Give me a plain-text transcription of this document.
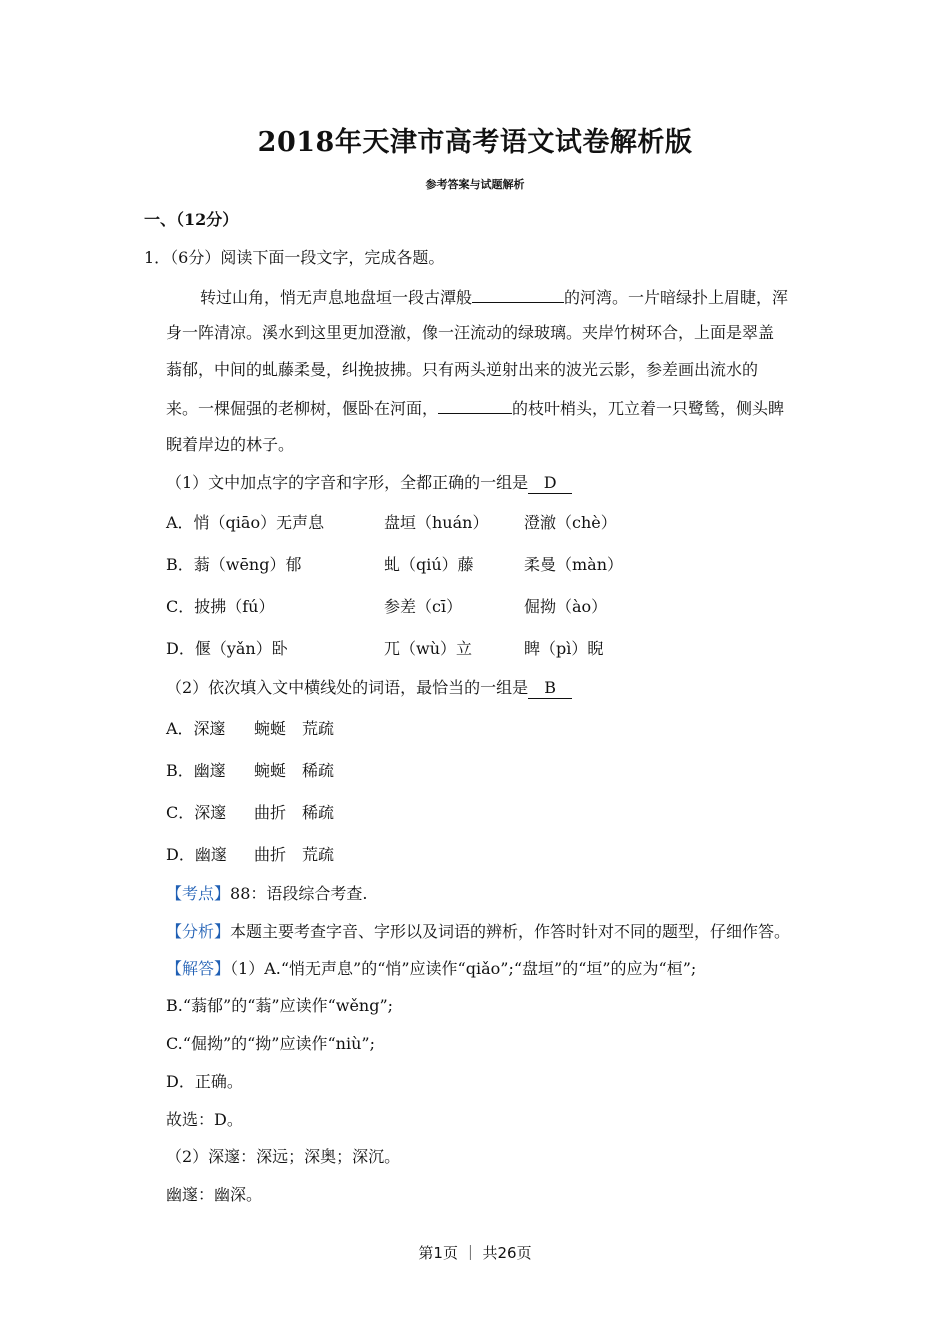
2018年天津市高考语文试卷解析版
参考答案与试题解析
一、（12分）
1．（6分）阅读下面一段文字，完成各题。
转过山角，悄无声息地盘垣一段古潭般	的河湾。一片暗绿扑上眉睫，浑
身一阵清凉。溪水到这里更加澄澈，像一汪流动的绿玻璃。夹岸竹树环合，上面是翠盖
蓊郁，中间的虬藤柔曼，纠挽披拂。只有两头逆射出来的波光云影，参差画出流水的
来。一棵倔强的老柳树，偃卧在河面，	的枝叶梢头，兀立着一只鹭鸶，侧头睥
睨着岸边的林子。
（1）文中加点字的字音和字形，全都正确的一组是 D
A．悄（qiāo）无声息	盘垣（huán） 澄澈（chè）
B．蓊（wēng）郁	虬（qiú）藤	柔曼（màn）
C．披拂（fú）	参差（cī）	倔拗（ào）
D．偃（yǎn）卧	兀（wù）立	睥（pì）睨
（2）依次填入文中横线处的词语，最恰当的一组是 B
A．深邃 蜿蜒 荒疏
B．幽邃 蜿蜒 稀疏
C．深邃 曲折 稀疏
D．幽邃 曲折 荒疏
【考点】88：语段综合考查.
【分析】本题主要考查字音、字形以及词语的辨析，作答时针对不同的题型，仔细作答。
【解答】（1）A.“悄无声息”的“悄”应读作“qiǎo”;“盘垣”的“垣”的应为“桓”;
B.“蓊郁”的“蓊”应读作“wěng”;
C.“倔拗”的“拗”应读作“niù”;
D．正确。
故选：D。
（2）深邃：深远；深奥；深沉。
幽邃：幽深。
第1页 ｜ 共26页
